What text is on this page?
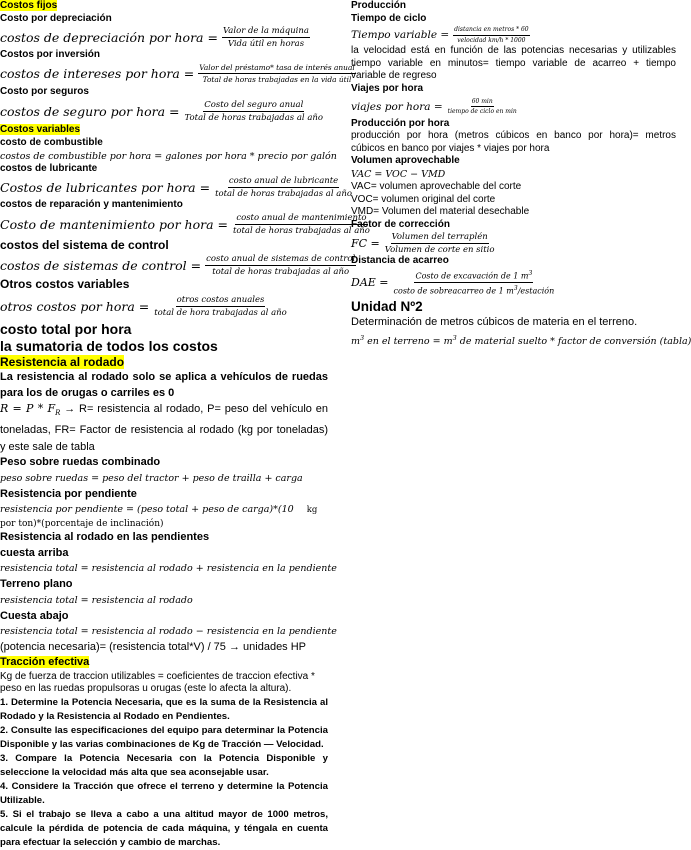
Costos fijos
Costo por depreciación
costos de depreciación por hora = $\frac{\text{Valor de la máquina}}{\text{Vida útil en horas}}$
Costos por inversión
costos de intereses por hora = $\frac{\text{Valor del préstamo* tasa de interés anual}}{\text{Total de horas trabajadas en la vida útil}}$
Costo por seguros
costos de seguro por hora = $\frac{\text{Costo del seguro anual}}{\text{Total de horas trabajadas al año}}$
Costos variables
costo de combustible
costos de combustible por hora = galones por hora * precio por galón
costos de lubricante
Costos de lubricantes por hora = $\frac{\text{costo anual de lubricante}}{\text{total de horas trabajadas al año}}$
costos de reparación y mantenimiento
Costo de mantenimiento por hora = $\frac{\text{costo anual de mantenimiento}}{\text{total de horas trabajadas al año}}$
costos del sistema de control
costos de sistemas de control = $\frac{\text{costo anual de sistemas de control}}{\text{total de horas trabajadas al año}}$
Otros costos variables
otros costos por hora = $\frac{\text{otros costos anuales}}{\text{total de hora trabajadas al año}}$
costo total por hora
la sumatoria de todos los costos
Resistencia al rodado
La resistencia al rodado solo se aplica a vehículos de ruedas para los de orugas o carriles es 0
$R = P * F_R \to R=$ resistencia al rodado, P= peso del vehículo en toneladas, FR= Factor de resistencia al rodado (kg por toneladas) y este sale de tabla
Peso sobre ruedas combinado
peso sobre ruedas = peso del tractor + peso de trailla + carga
Resistencia por pendiente
resistencia por pendiente = (peso total + peso de carga)*(10 kg
por ton)*(porcentaje de inclinación)
Resistencia al rodado en las pendientes
cuesta arriba
resistencia total = resistencia al rodado + resistencia en la pendiente
Terreno plano
resistencia total = resistencia al rodado
Cuesta abajo
resistencia total = resistencia al rodado − resistencia en la pendiente
(potencia necesaria)= (resistencia total*V) / 75 → unidades HP
Tracción efectiva
Kg de fuerza de traccion utilizables = coeficientes de traccion efectiva * peso en las ruedas propulsoras u orugas (este lo afecta la altura).
1. Determine la Potencia Necesaria, que es la suma de la Resistencia al Rodado y la Resistencia al Rodado en Pendientes.
2. Consulte las especificaciones del equipo para determinar la Potencia Disponible y las varias combinaciones de Kg de Tracción — Velocidad.
3. Compare la Potencia Necesaria con la Potencia Disponible y seleccione la velocidad más alta que sea aconsejable usar.
4. Considere la Tracción que ofrece el terreno y determine la Potencia Utilizable.
5. Si el trabajo se lleva a cabo a una altitud mayor de 1000 metros, calcule la pérdida de potencia de cada máquina, y téngala en cuenta para efectuar la selección y cambio de marchas.
Producción
Tiempo de ciclo
Tiempo variable = $\frac{\text{distancia en metros * 60}}{\text{velocidad km/h * 1000}}$
la velocidad está en función de las potencias necesarias y utilizables tiempo variable en minutos= tiempo variable de acarreo + tiempo variable de regreso
Viajes por hora
viajes por hora = $\frac{60 \min}{\text{tiempo de ciclo en min}}$
Producción por hora
producción por hora (metros cúbicos en banco por hora)= metros cúbicos en banco por viajes * viajes por hora
Volumen aprovechable
VAC = VOC − VMD
VAC= volumen aprovechable del corte
VOC= volumen original del corte
VMD= Volumen del material desechable
Factor de corrección
FC = $\frac{\text{Volumen del terraplén}}{\text{Volumen de corte en sitio}}$
Distancia de acarreo
DAE = $\frac{Costo de excavación de 1 m^3}{costo de sobreacarreo de 1 m^3/estación}$
Unidad Nº2
Determinación de metros cúbicos de materia en el terreno.
$m^3$ en el terreno = $m^3$ de material suelto * factor de conversión (tabla)
